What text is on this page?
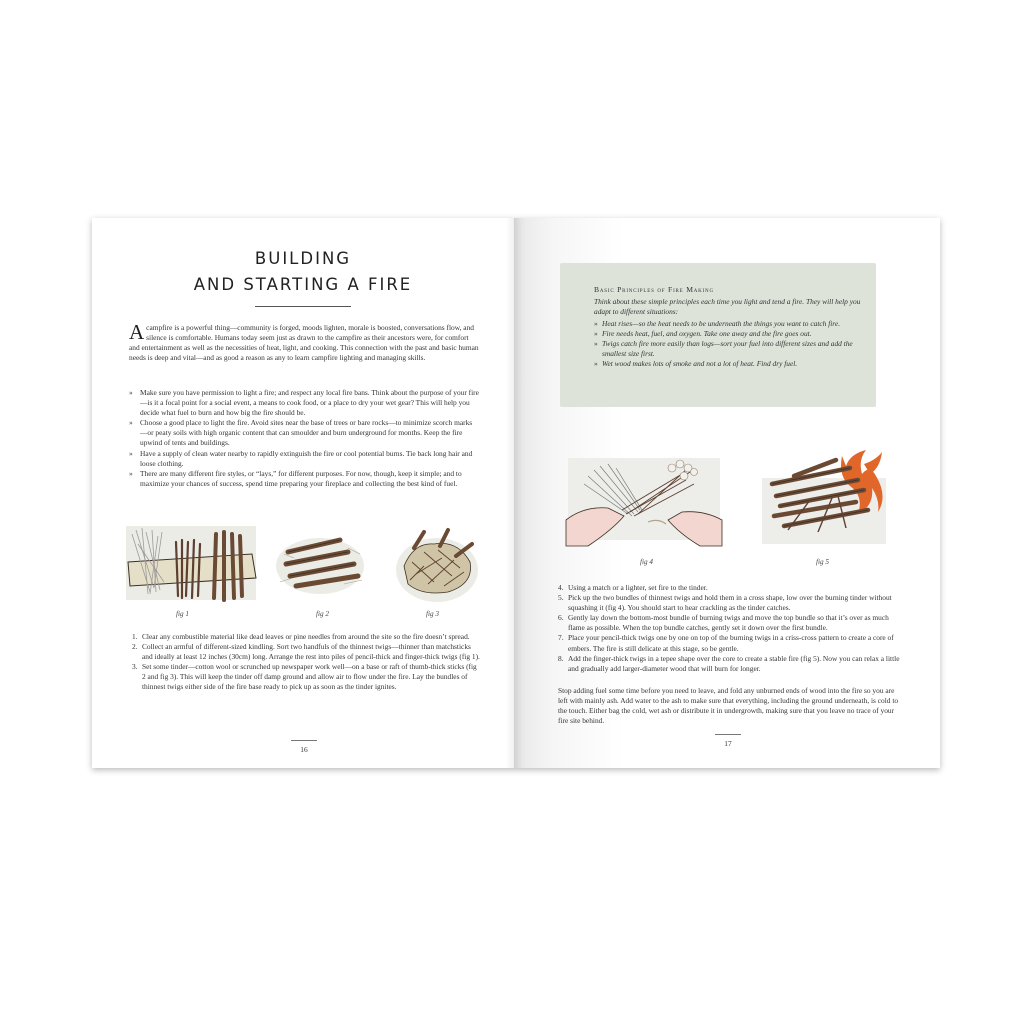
BUILDING
AND STARTING A FIRE

A campfire is a powerful thing—community is forged, moods lighten, morale is boosted, conversations flow, and silence is comfortable. Humans today seem just as drawn to the campfire as their ancestors were, for comfort and entertainment as well as the necessities of heat, light, and cooking. This connection with the past and basic human needs is deep and vital—and as good a reason as any to learn campfire lighting and managing skills.

» Make sure you have permission to light a fire; and respect any local fire bans. Think about the purpose of your fire—is it a focal point for a social event, a means to cook food, or a place to dry your wet gear? This will help you decide what fuel to burn and how big the fire should be.
» Choose a good place to light the fire. Avoid sites near the base of trees or bare rocks—to minimize scorch marks—or peaty soils with high organic content that can smoulder and burn underground for months. Keep the fire upwind of tents and buildings.
» Have a supply of clean water nearby to rapidly extinguish the fire or cool potential burns. Tie back long hair and loose clothing.
» There are many different fire styles, or “lays,” for different purposes. For now, though, keep it simple; and to maximize your chances of success, spend time preparing your fireplace and collecting the best kind of fuel.
fig 1	fig 2	fig 3
1. Clear any combustible material like dead leaves or pine needles from around the site so the fire doesn’t spread.
2. Collect an armful of different-sized kindling. Sort two handfuls of the thinnest twigs—thinner than matchsticks and ideally at least 12 inches (30cm) long. Arrange the rest into piles of pencil-thick and finger-thick twigs (fig 1).
3. Set some tinder—cotton wool or scrunched up newspaper work well—on a base or raft of thumb-thick sticks (fig 2 and fig 3). This will keep the tinder off damp ground and allow air to flow under the fire. Lay the bundles of thinnest twigs either side of the fire base ready to pick up as soon as the tinder ignites.
16

Basic Principles of Fire Making

Think about these simple principles each time you light and tend a fire. They will help you adapt to different situations:

» Heat rises—so the heat needs to be underneath the things you want to catch fire.
» Fire needs heat, fuel, and oxygen. Take one away and the fire goes out.
» Twigs catch fire more easily than logs—sort your fuel into different sizes and add the smallest size first.
» Wet wood makes lots of smoke and not a lot of heat. Find dry fuel.
fig 4	fig 5
4. Using a match or a lighter, set fire to the tinder.
5. Pick up the two bundles of thinnest twigs and hold them in a cross shape, low over the burning tinder without squashing it (fig 4). You should start to hear crackling as the tinder catches.
6. Gently lay down the bottom-most bundle of burning twigs and move the top bundle so that it’s over as much flame as possible. When the top bundle catches, gently set it down over the first bundle.
7. Place your pencil-thick twigs one by one on top of the burning twigs in a criss-cross pattern to create a core of embers. The fire is still delicate at this stage, so be gentle.
8. Add the finger-thick twigs in a tepee shape over the core to create a stable fire (fig 5). Now you can relax a little and gradually add larger-diameter wood that will burn for longer.

Stop adding fuel some time before you need to leave, and fold any unburned ends of wood into the fire so you are left with mainly ash. Add water to the ash to make sure that everything, including the ground underneath, is cold to the touch. Either bag the cold, wet ash or distribute it in undergrowth, making sure that you leave no trace of your fire site behind.

17
